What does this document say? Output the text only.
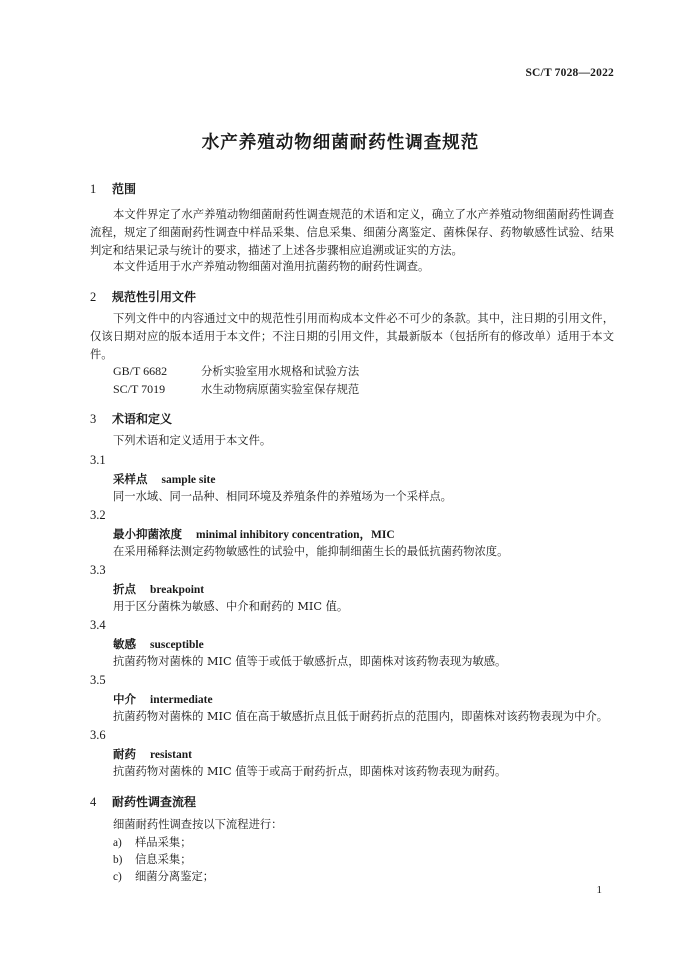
SC/T 7028—2022
水产养殖动物细菌耐药性调查规范
1 范围
本文件界定了水产养殖动物细菌耐药性调查规范的术语和定义，确立了水产养殖动物细菌耐药性调查流程，规定了细菌耐药性调查中样品采集、信息采集、细菌分离鉴定、菌株保存、药物敏感性试验、结果判定和结果记录与统计的要求，描述了上述各步骤相应追溯或证实的方法。
本文件适用于水产养殖动物细菌对渔用抗菌药物的耐药性调查。
2 规范性引用文件
下列文件中的内容通过文中的规范性引用而构成本文件必不可少的条款。其中，注日期的引用文件，仅该日期对应的版本适用于本文件；不注日期的引用文件，其最新版本（包括所有的修改单）适用于本文件。
GB/T 6682	分析实验室用水规格和试验方法
SC/T 7019	水生动物病原菌实验室保存规范
3 术语和定义
下列术语和定义适用于本文件。
3.1
采样点 sample site
同一水域、同一品种、相同环境及养殖条件的养殖场为一个采样点。
3.2
最小抑菌浓度 minimal inhibitory concentration，MIC
在采用稀释法测定药物敏感性的试验中，能抑制细菌生长的最低抗菌药物浓度。
3.3
折点 breakpoint
用于区分菌株为敏感、中介和耐药的 MIC 值。
3.4
敏感 susceptible
抗菌药物对菌株的 MIC 值等于或低于敏感折点，即菌株对该药物表现为敏感。
3.5
中介 intermediate
抗菌药物对菌株的 MIC 值在高于敏感折点且低于耐药折点的范围内，即菌株对该药物表现为中介。
3.6
耐药 resistant
抗菌药物对菌株的 MIC 值等于或高于耐药折点，即菌株对该药物表现为耐药。
4 耐药性调查流程
细菌耐药性调查按以下流程进行：
a) 样品采集；
b) 信息采集；
c) 细菌分离鉴定；
1
